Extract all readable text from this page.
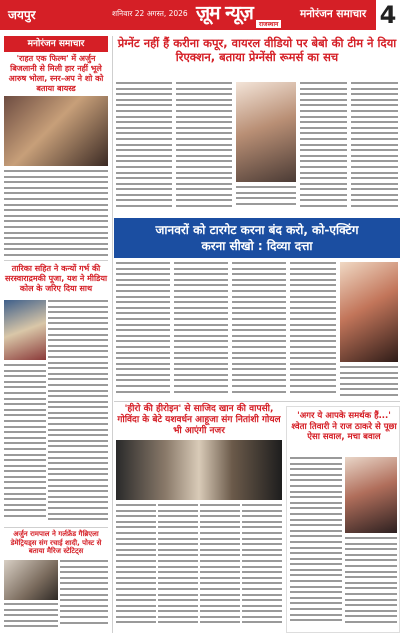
जयपुर	शनिवार 22 अगस्त, 2026 ज़ूम न्यूज़
राजस्थान
मनोरंजन समाचार 4
मनोरंजन समाचार
'राहत एक फिल्म' में अर्जुन बिजलानी से मिली हार नहीं भूले आरुष भोला, स्नर-अप ने शो को बताया बायस्ड
तारिका सहित ने कन्यों गर्भ की सरस्वाराद्रमकी पूजा, यश ने मीडिया कोल के जरिए दिया साथ
अर्जुन रामपाल ने गर्लफ्रेंड गैब्रिएला डेमेट्रियड्स संग रचाई शादी, पोस्ट से बताया मैरिज स्टेटिट्स
प्रेग्नेंट नहीं हैं करीना कपूर, वायरल वीडियो पर बेबो की टीम ने दिया रिएक्शन, बताया प्रेग्नेंसी रूमर्स का सच
जानवरों को टारगेट करना बंद करो, को-एक्टिंग
करना सीखो : दिव्या दत्ता
'हीरो की हीरोइन' से साजिद खान की वापसी, गोविंदा के बेटे यशवर्धन आहूजा संग नितांशी गोयल भी आएंगी नजर
'अगर ये आपके समर्थक हैं...' श्वेता तिवारी ने राज ठाकरे से पूछा ऐसा सवाल, मचा बवाल
